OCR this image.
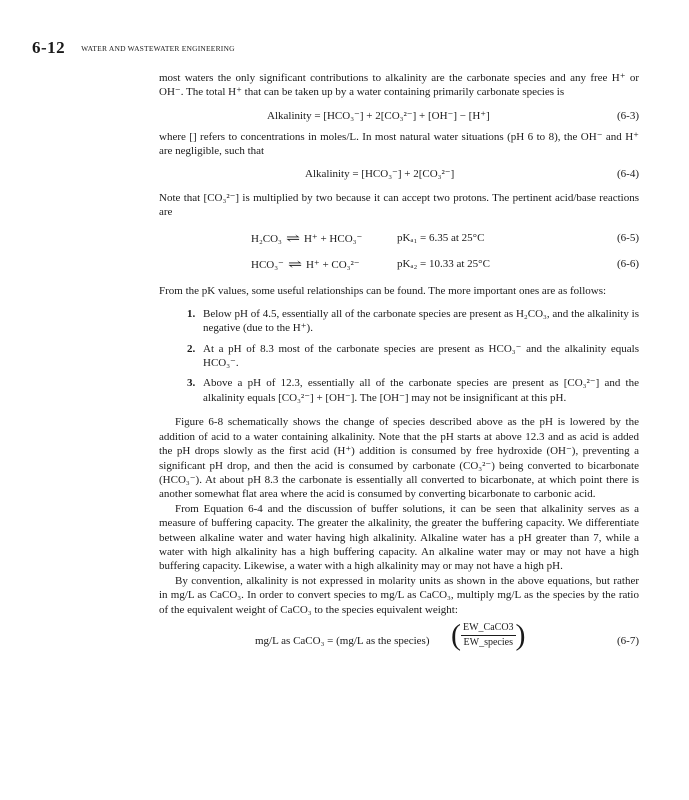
6-12 WATER AND WASTEWATER ENGINEERING

most waters the only significant contributions to alkalinity are the carbonate species and any free H⁺ or OH⁻. The total H⁺ that can be taken up by a water containing primarily carbonate species is

Alkalinity = [HCO₃⁻] + 2[CO₃²⁻] + [OH⁻] − [H⁺]	(6-3)

where [] refers to concentrations in moles/L. In most natural water situations (pH 6 to 8), the OH⁻ and H⁺ are negligible, such that

Alkalinity = [HCO₃⁻] + 2[CO₃²⁻]	(6-4)

Note that [CO₃²⁻] is multiplied by two because it can accept two protons. The pertinent acid/base reactions are

H₂CO₃ ⇌ H⁺ + HCO₃⁻	pKₐ₁ = 6.35 at 25°C	(6-5)
HCO₃⁻ ⇌ H⁺ + CO₃²⁻	pKₐ₂ = 10.33 at 25°C	(6-6)

From the pK values, some useful relationships can be found. The more important ones are as follows:

1. Below pH of 4.5, essentially all of the carbonate species are present as H₂CO₃, and the alkalinity is negative (due to the H⁺).
2. At a pH of 8.3 most of the carbonate species are present as HCO₃⁻ and the alkalinity equals HCO₃⁻.
3. Above a pH of 12.3, essentially all of the carbonate species are present as [CO₃²⁻] and the alkalinity equals [CO₃²⁻] + [OH⁻]. The [OH⁻] may not be insignificant at this pH.

Figure 6-8 schematically shows the change of species described above as the pH is lowered by the addition of acid to a water containing alkalinity. Note that the pH starts at above 12.3 and as acid is added the pH drops slowly as the first acid (H⁺) addition is consumed by free hydroxide (OH⁻), preventing a significant pH drop, and then the acid is consumed by carbonate (CO₃²⁻) being converted to bicarbonate (HCO₃⁻). At about pH 8.3 the carbonate is essentially all converted to bicarbonate, at which point there is another somewhat flat area where the acid is consumed by converting bicarbonate to carbonic acid.

From Equation 6-4 and the discussion of buffer solutions, it can be seen that alkalinity serves as a measure of buffering capacity. The greater the alkalinity, the greater the buffering capacity. We differentiate between alkaline water and water having high alkalinity. Alkaline water has a pH greater than 7, while a water with high alkalinity has a high buffering capacity. An alkaline water may or may not have a high buffering capacity. Likewise, a water with a high alkalinity may or may not have a high pH.

By convention, alkalinity is not expressed in molarity units as shown in the above equations, but rather in mg/L as CaCO₃. In order to convert species to mg/L as CaCO₃, multiply mg/L as the species by the ratio of the equivalent weight of CaCO₃ to the species equivalent weight:

mg/L as CaCO₃ = (mg/L as the species) ( $\frac{\text{EW\_CaCO3}}{\text{EW\_species}}$ )	(6-7)
